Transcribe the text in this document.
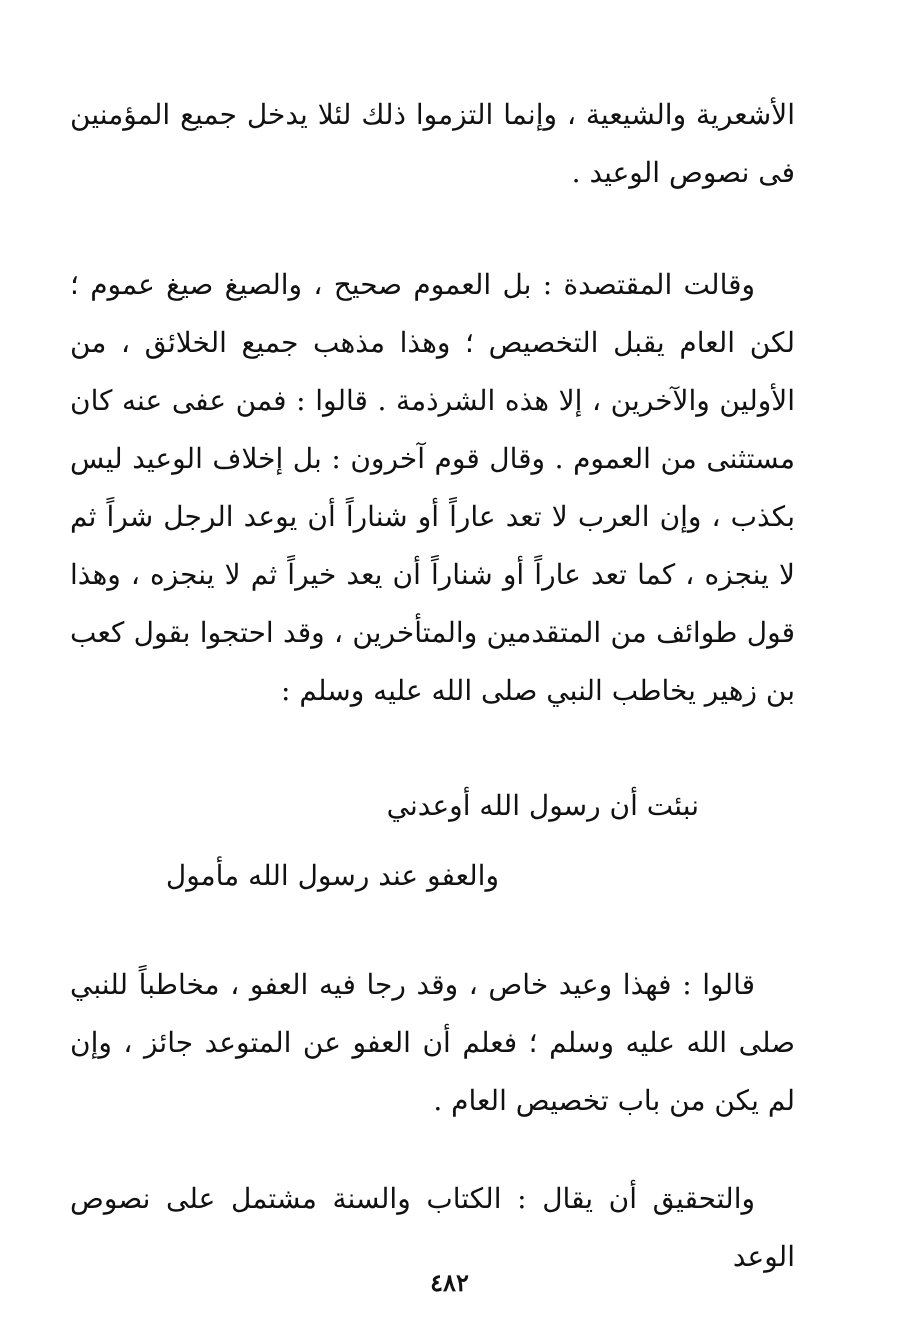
الأشعرية والشيعية ، وإنما التزموا ذلك لئلا يدخل جميع المؤمنين فى نصوص الوعيد .

وقالت المقتصدة : بل العموم صحيح ، والصيغ صيغ عموم ؛ لكن العام يقبل التخصيص ؛ وهذا مذهب جميع الخلائق ، من الأولين والآخرين ، إلا هذه الشرذمة . قالوا : فمن عفى عنه كان مستثنى من العموم . وقال قوم آخرون : بل إخلاف الوعيد ليس بكذب ، وإن العرب لا تعد عاراً أو شناراً أن يوعد الرجل شراً ثم لا ينجزه ، كما تعد عاراً أو شناراً أن يعد خيراً ثم لا ينجزه ، وهذا قول طوائف من المتقدمين والمتأخرين ، وقد احتجوا بقول كعب بن زهير يخاطب النبي صلى الله عليه وسلم :

نبئت أن رسول الله أوعدني

والعفو عند رسول الله مأمول

قالوا : فهذا وعيد خاص ، وقد رجا فيه العفو ، مخاطباً للنبي صلى الله عليه وسلم ؛ فعلم أن العفو عن المتوعد جائز ، وإن لم يكن من باب تخصيص العام .

والتحقيق أن يقال : الكتاب والسنة مشتمل على نصوص الوعد

٤٨٢
